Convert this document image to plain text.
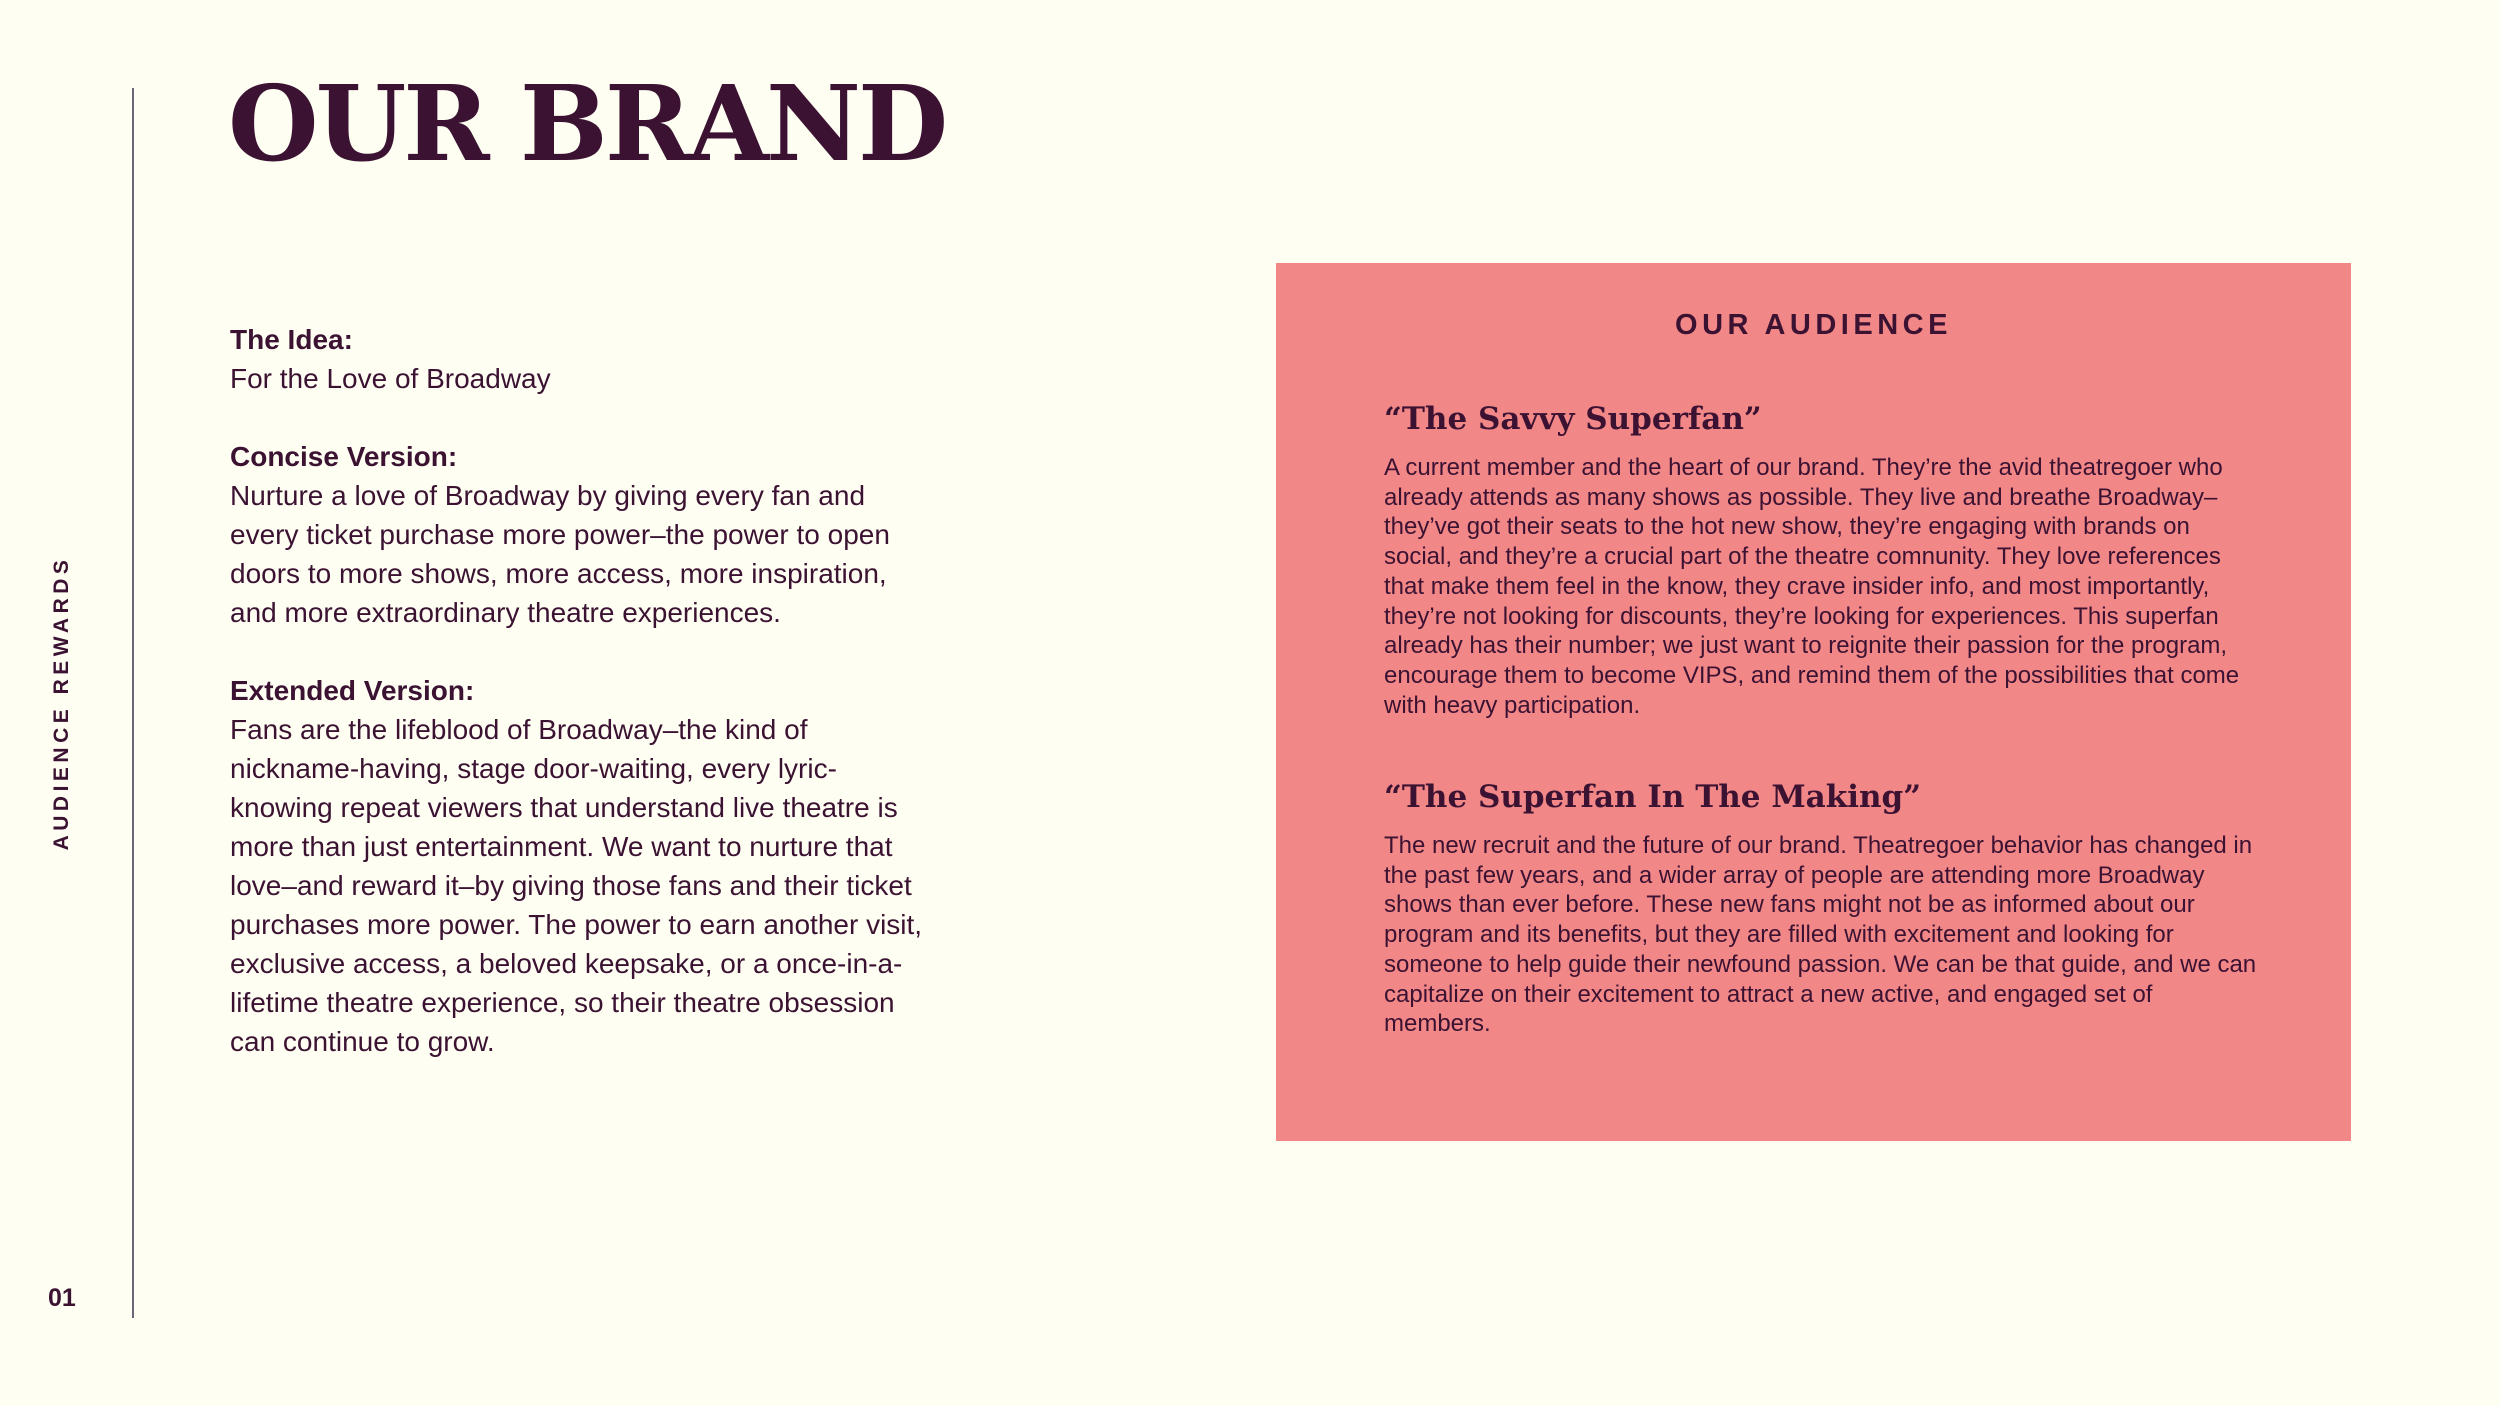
AUDIENCE REWARDS
01
OUR BRAND

The Idea:

For the Love of Broadway

Concise Version:

Nurture a love of Broadway by giving every fan and every ticket purchase more power–the power to open doors to more shows, more access, more inspiration, and more extraordinary theatre experiences.

Extended Version:

Fans are the lifeblood of Broadway–the kind of nickname-having, stage door-waiting, every lyric-knowing repeat viewers that understand live theatre is more than just entertainment. We want to nurture that love–and reward it–by giving those fans and their ticket purchases more power. The power to earn another visit, exclusive access, a beloved keepsake, or a once-in-a-lifetime theatre experience, so their theatre obsession can continue to grow.

OUR AUDIENCE

“The Savvy Superfan”

A current member and the heart of our brand. They’re the avid theatregoer who already attends as many shows as possible. They live and breathe Broadway–they’ve got their seats to the hot new show, they’re engaging with brands on social, and they’re a crucial part of the theatre comnunity. They love references that make them feel in the know, they crave insider info, and most importantly, they’re not looking for discounts, they’re looking for experiences. This superfan already has their number; we just want to reignite their passion for the program, encourage them to become VIPS, and remind them of the possibilities that come with heavy participation.

“The Superfan In The Making”

The new recruit and the future of our brand. Theatregoer behavior has changed in the past few years, and a wider array of people are attending more Broadway shows than ever before. These new fans might not be as informed about our program and its benefits, but they are filled with excitement and looking for someone to help guide their newfound passion. We can be that guide, and we can capitalize on their excitement to attract a new active, and engaged set of members.
